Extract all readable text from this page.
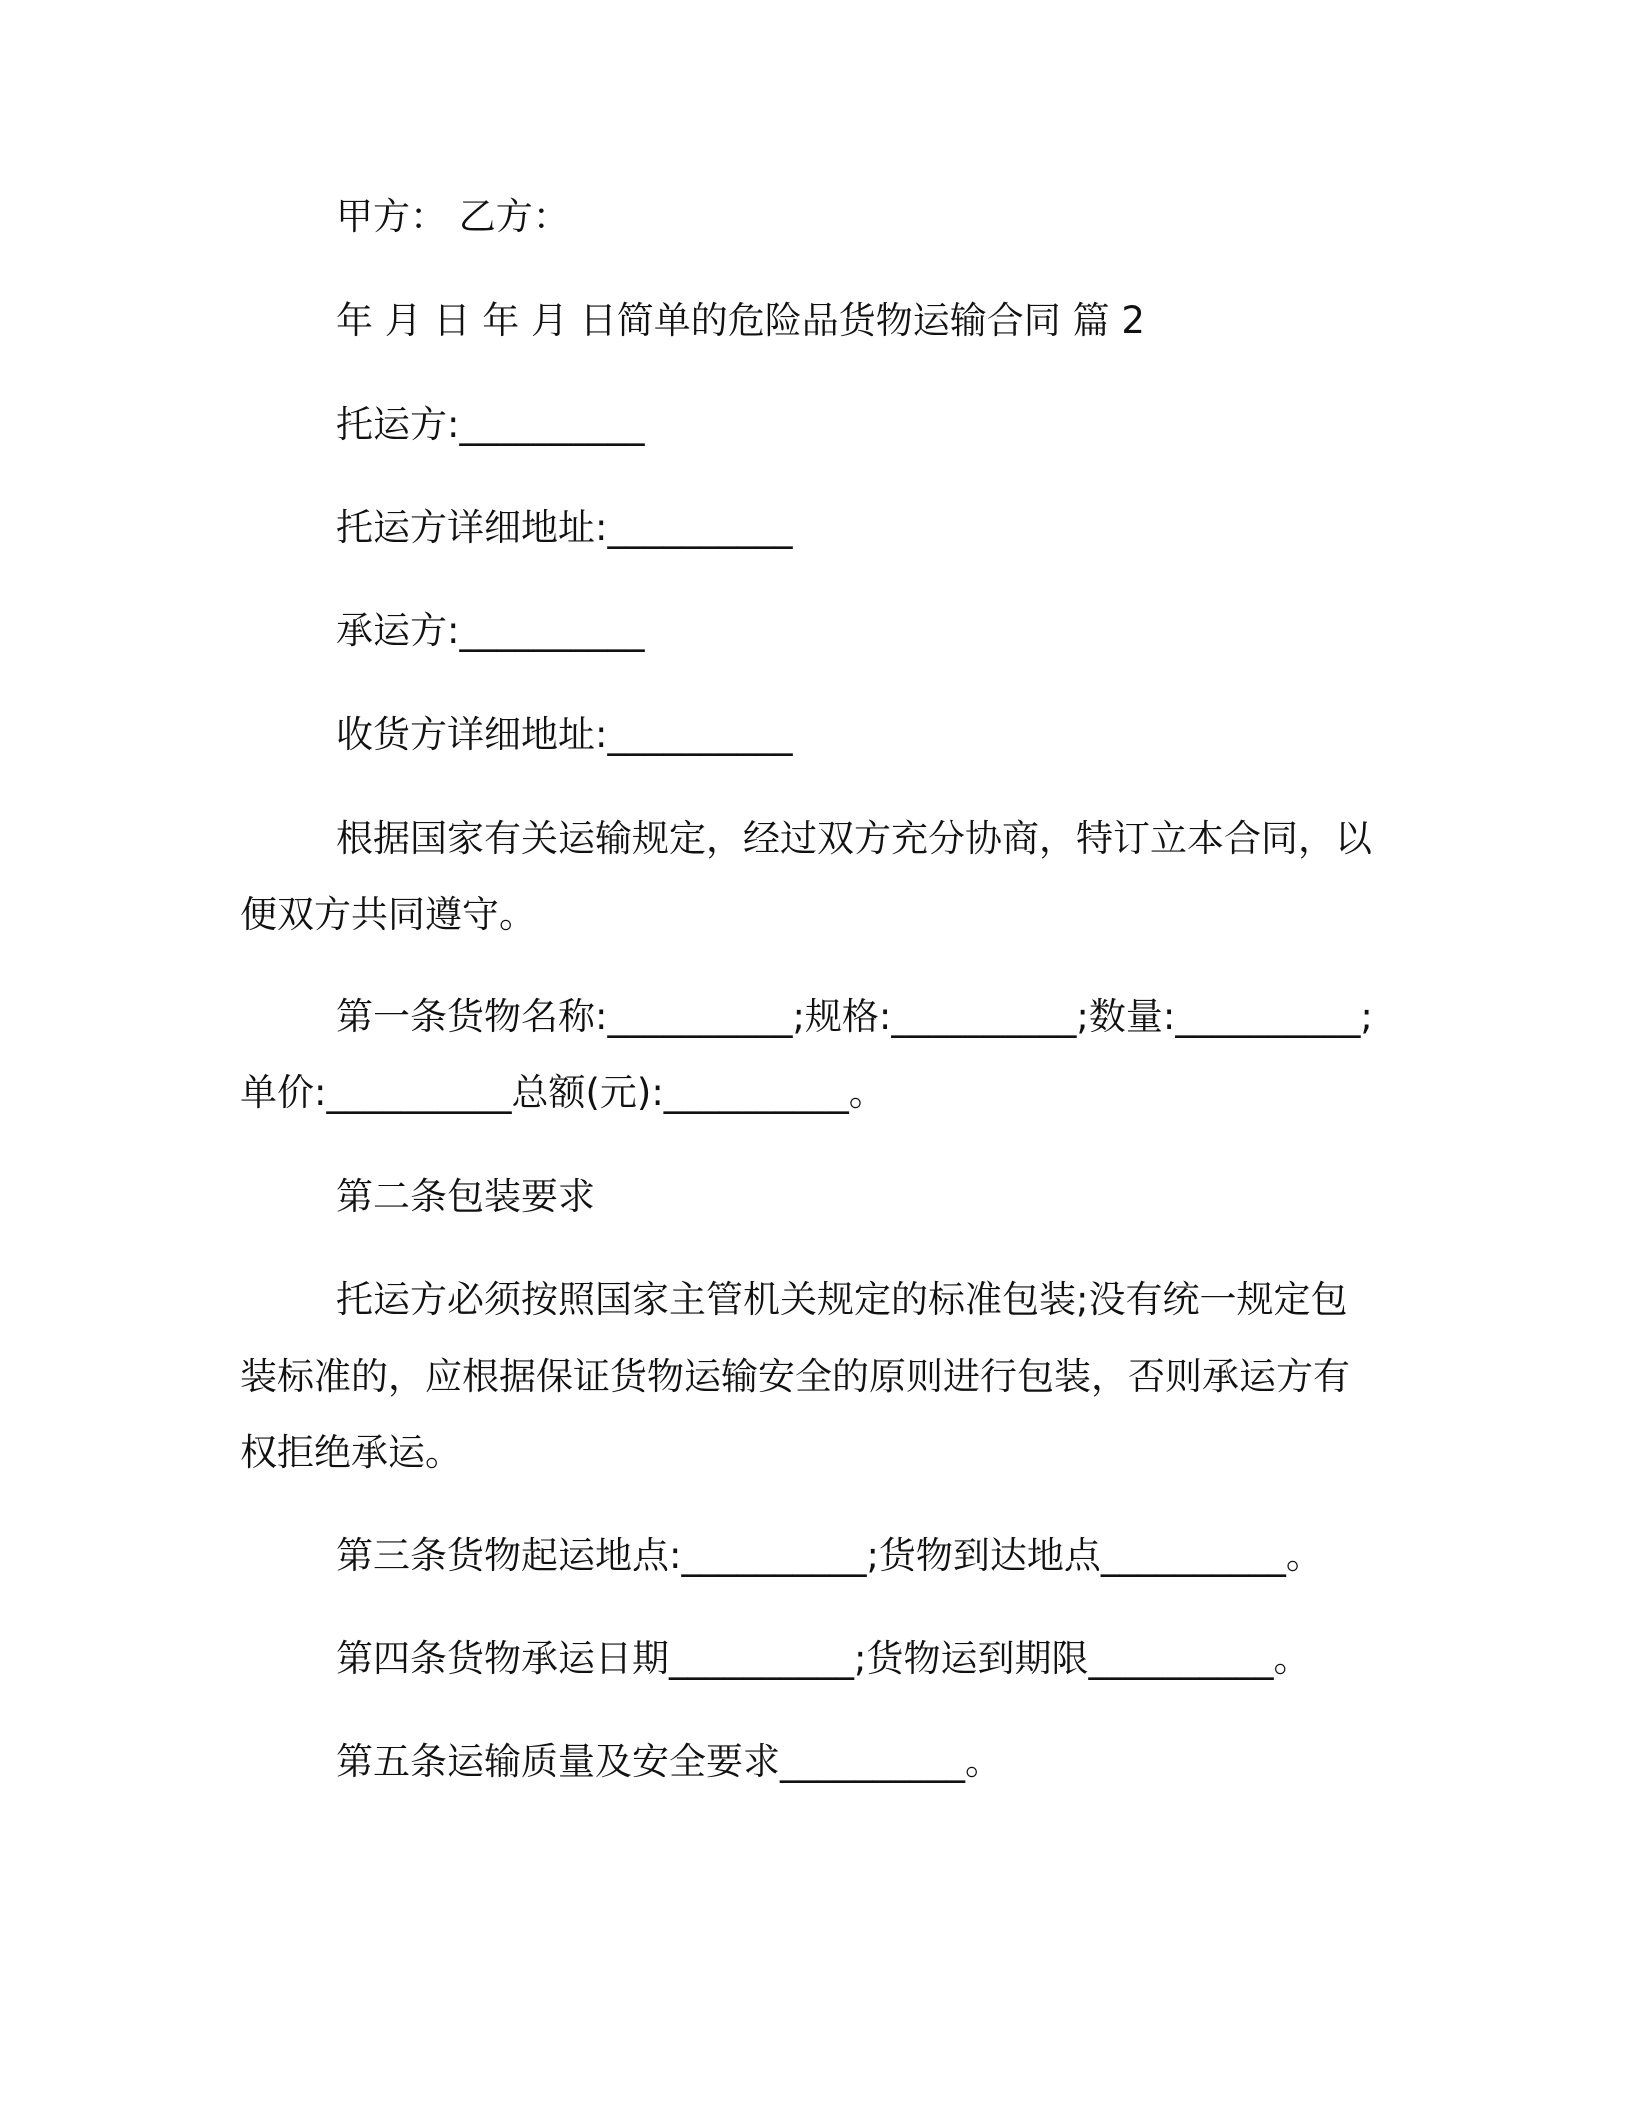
甲方： 乙方：
年 月 日 年 月 日简单的危险品货物运输合同 篇 2
托运方:__________
托运方详细地址:__________
承运方:__________
收货方详细地址:__________
根据国家有关运输规定，经过双方充分协商，特订立本合同，以
便双方共同遵守。
第一条货物名称:__________;规格:__________;数量:__________;
单价:__________总额(元):__________。
第二条包装要求
托运方必须按照国家主管机关规定的标准包装;没有统一规定包
装标准的，应根据保证货物运输安全的原则进行包装，否则承运方有
权拒绝承运。
第三条货物起运地点:__________;货物到达地点__________。
第四条货物承运日期__________;货物运到期限__________。
第五条运输质量及安全要求__________。
